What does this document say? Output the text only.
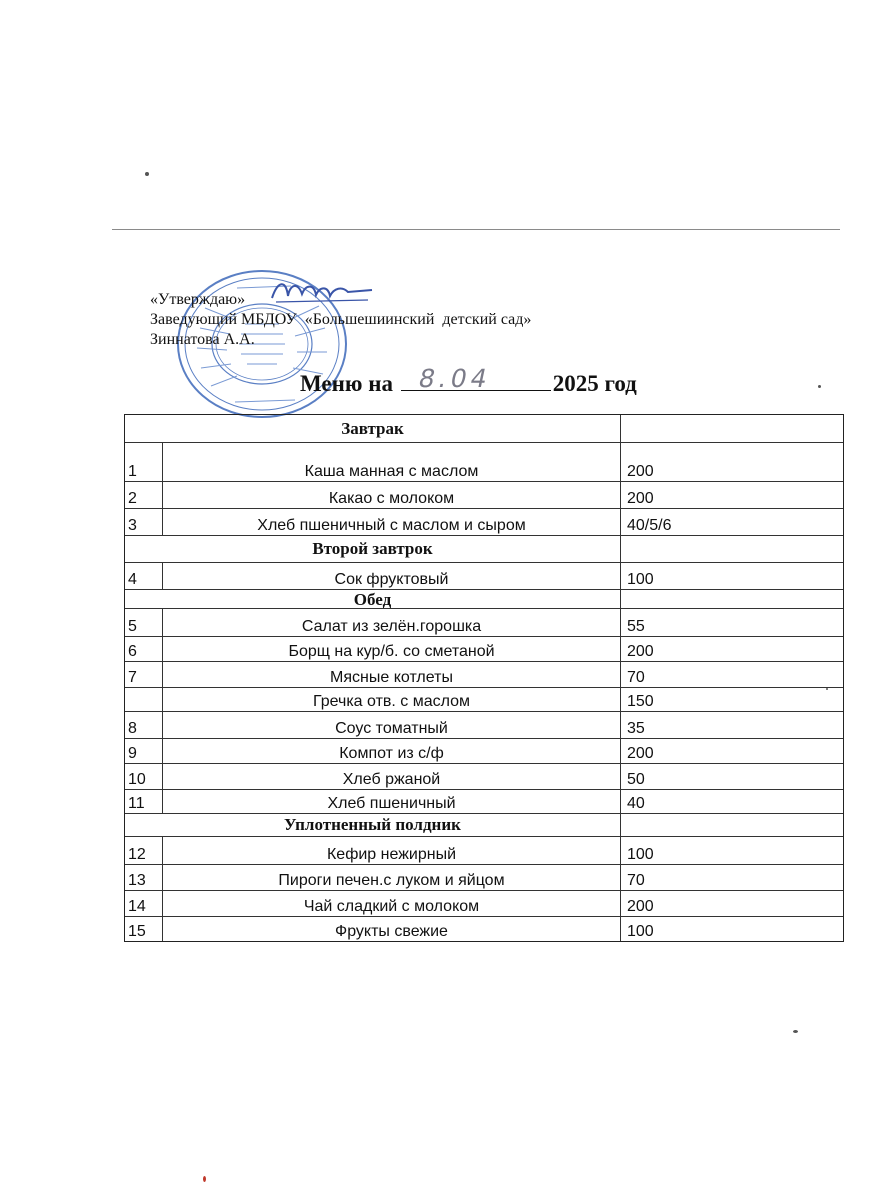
«Утверждаю»
Заведующий МБДОУ  «Большешиинский  детский сад»
Зиннатова А.А.
Меню на 8.04	2025 год
Завтрак
1	Каша манная с маслом	200
2	Какао с молоком	200
3	Хлеб пшеничный с маслом и сыром	40/5/6
Второй завтрок
4	Сок фруктовый	100
Обед
5	Салат из зелён.горошка	55
6	Борщ на кур/б. со сметаной	200
7	Мясные котлеты	70
Гречка отв. с маслом	150
8	Соус томатный	35
9	Компот из с/ф	200
10	Хлеб ржаной	50
11	Хлеб пшеничный	40
Уплотненный полдник
12	Кефир нежирный	100
13	Пироги печен.с луком и яйцом	70
14	Чай сладкий с молоком	200
15	Фрукты свежие	100
